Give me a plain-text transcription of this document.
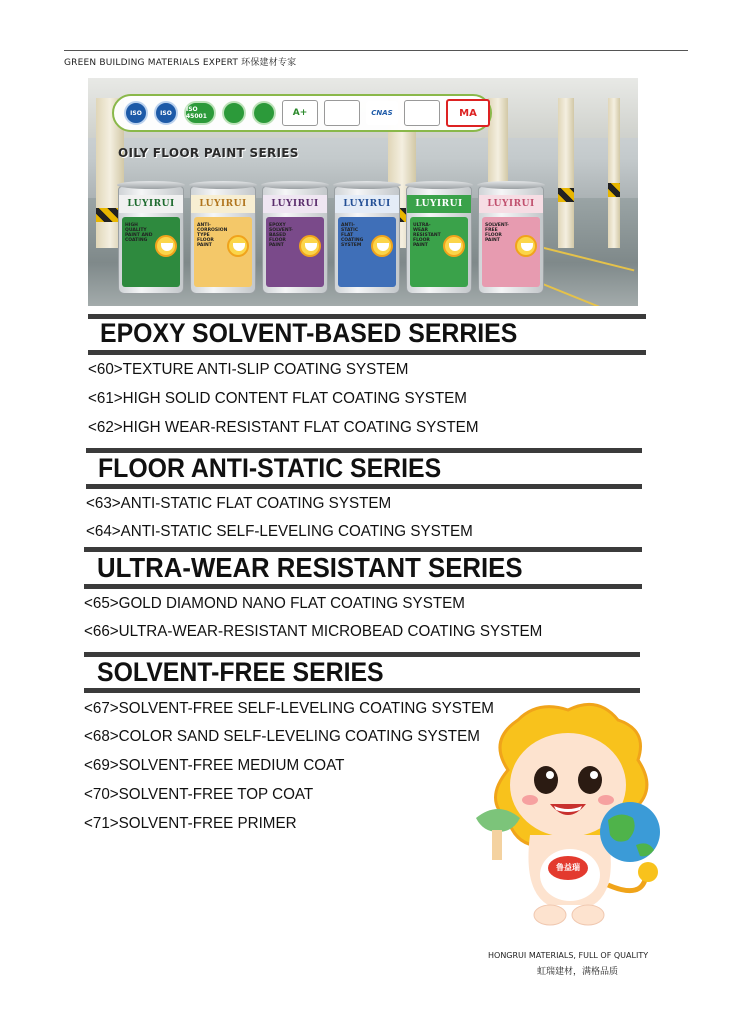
GREEN BUILDING MATERIALS EXPERT 环保建材专家
ISO	ISO	ISO 45001	A+	CNAS	MA
OILY FLOOR PAINT SERIES
LUYIRUI
HIGH QUALITY PAINT AND COATING
LUYIRUI
ANTI-CORROSION TYPE FLOOR PAINT
LUYIRUI
EPOXY SOLVENT-BASED FLOOR PAINT
LUYIRUI
ANTI-STATIC FLAT COATING SYSTEM
LUYIRUI
ULTRA-WEAR RESISTANT FLOOR PAINT
LUYIRUI
SOLVENT-FREE FLOOR PAINT
EPOXY SOLVENT-BASED SERRIES
<60>TEXTURE ANTI-SLIP COATING SYSTEM
<61>HIGH SOLID CONTENT FLAT COATING SYSTEM
<62>HIGH WEAR-RESISTANT FLAT COATING SYSTEM
FLOOR ANTI-STATIC SERIES
<63>ANTI-STATIC FLAT COATING SYSTEM
<64>ANTI-STATIC SELF-LEVELING COATING SYSTEM
ULTRA-WEAR RESISTANT SERIES
<65>GOLD DIAMOND NANO FLAT COATING SYSTEM
<66>ULTRA-WEAR-RESISTANT MICROBEAD COATING SYSTEM
SOLVENT-FREE SERIES
<67>SOLVENT-FREE SELF-LEVELING COATING SYSTEM
<68>COLOR SAND SELF-LEVELING COATING SYSTEM
<69>SOLVENT-FREE MEDIUM COAT
<70>SOLVENT-FREE TOP COAT
<71>SOLVENT-FREE PRIMER
鲁益瑞
HONGRUI MATERIALS, FULL OF QUALITY
虹瑞建材，满格品质
